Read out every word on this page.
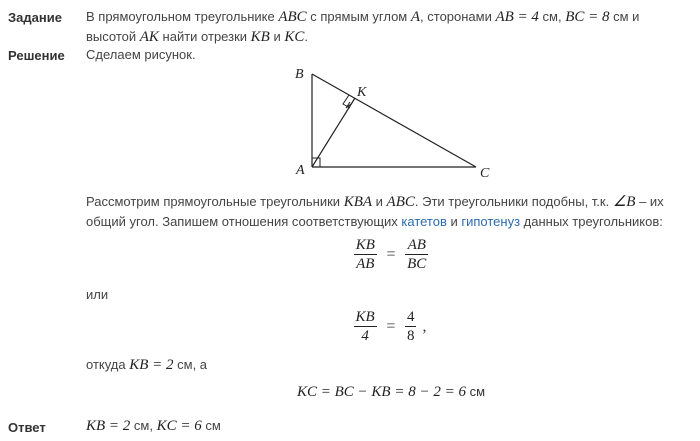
Задание В прямоугольном треугольнике ABC с прямым углом A, сторонами AB = 4 см, BC = 8 см и
высотой AK найти отрезки KB и KC.
Решение Сделаем рисунок.
B
K
A	C
Рассмотрим прямоугольные треугольники KBA и ABC. Эти треугольники подобны, т.к. ∠B – их
общий угол. Запишем отношения соответствующих катетов и гипотенуз данных треугольников:
$\frac{KB}{AB} = \frac{AB}{BC}$
или
$\frac{KB}{4} = \frac{4}{8}$ ,
откуда KB = 2 см, а
KC = BC − KB = 8 − 2 = 6 см
Ответ	KB = 2 см, KC = 6 см
